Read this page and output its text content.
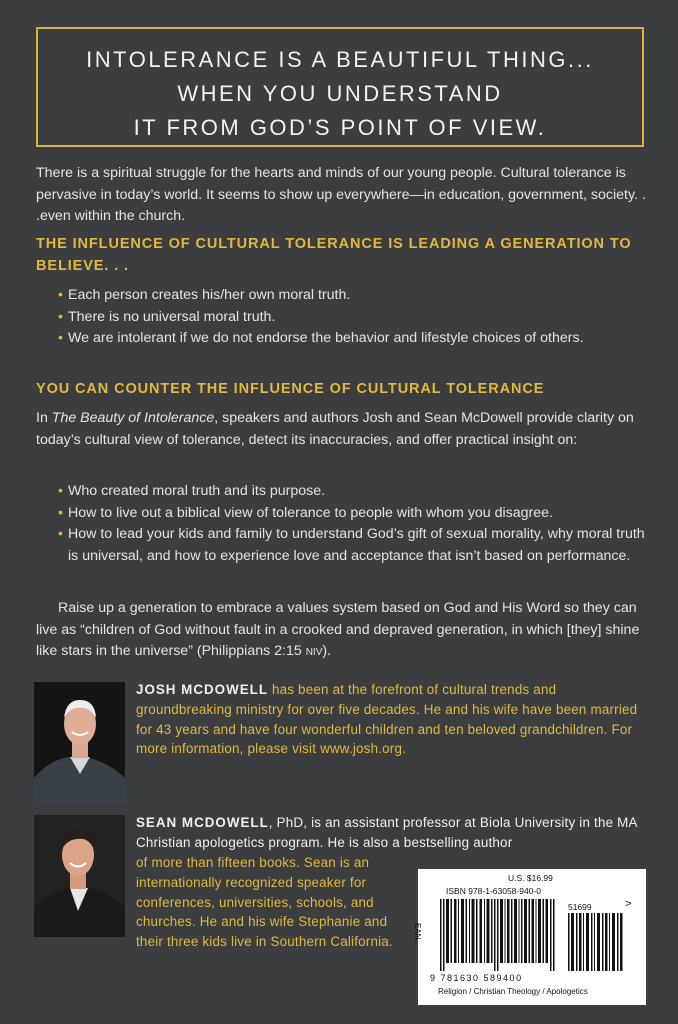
INTOLERANCE IS A BEAUTIFUL THING...
WHEN YOU UNDERSTAND
IT FROM GOD’S POINT OF VIEW.
There is a spiritual struggle for the hearts and minds of our young people. Cultural tolerance is pervasive in today’s world. It seems to show up everywhere—in education, government, society. . .even within the church.
THE INFLUENCE OF CULTURAL TOLERANCE IS LEADING A GENERATION TO BELIEVE. . .
• Each person creates his/her own moral truth.
• There is no universal moral truth.
• We are intolerant if we do not endorse the behavior and lifestyle choices of others.
YOU CAN COUNTER THE INFLUENCE OF CULTURAL TOLERANCE
In The Beauty of Intolerance, speakers and authors Josh and Sean McDowell provide clarity on today’s cultural view of tolerance, detect its inaccuracies, and offer practical insight on:
• Who created moral truth and its purpose.
• How to live out a biblical view of tolerance to people with whom you disagree.
• How to lead your kids and family to understand God’s gift of sexual morality, why moral truth is universal, and how to experience love and acceptance that isn’t based on performance.
Raise up a generation to embrace a values system based on God and His Word so they can live as “children of God without fault in a crooked and depraved generation, in which [they] shine like stars in the universe” (Philippians 2:15 NIV).
JOSH MCDOWELL has been at the forefront of cultural trends and groundbreaking ministry for over five decades. He and his wife have been married for 43 years and have four wonderful children and ten beloved grandchildren. For more information, please visit www.josh.org.
SEAN MCDOWELL, PhD, is an assistant professor at Biola University in the MA Christian apologetics program. He is also a bestselling author
of more than fifteen books. Sean is an internationally recognized speaker for conferences, universities, schools, and churches. He and his wife Stephanie and their three kids live in Southern California.
U.S. $16.99
ISBN 978-1-63058-940-0
51699	>
EAN
9 781630 589400
Religion / Christian Theology / Apologetics
